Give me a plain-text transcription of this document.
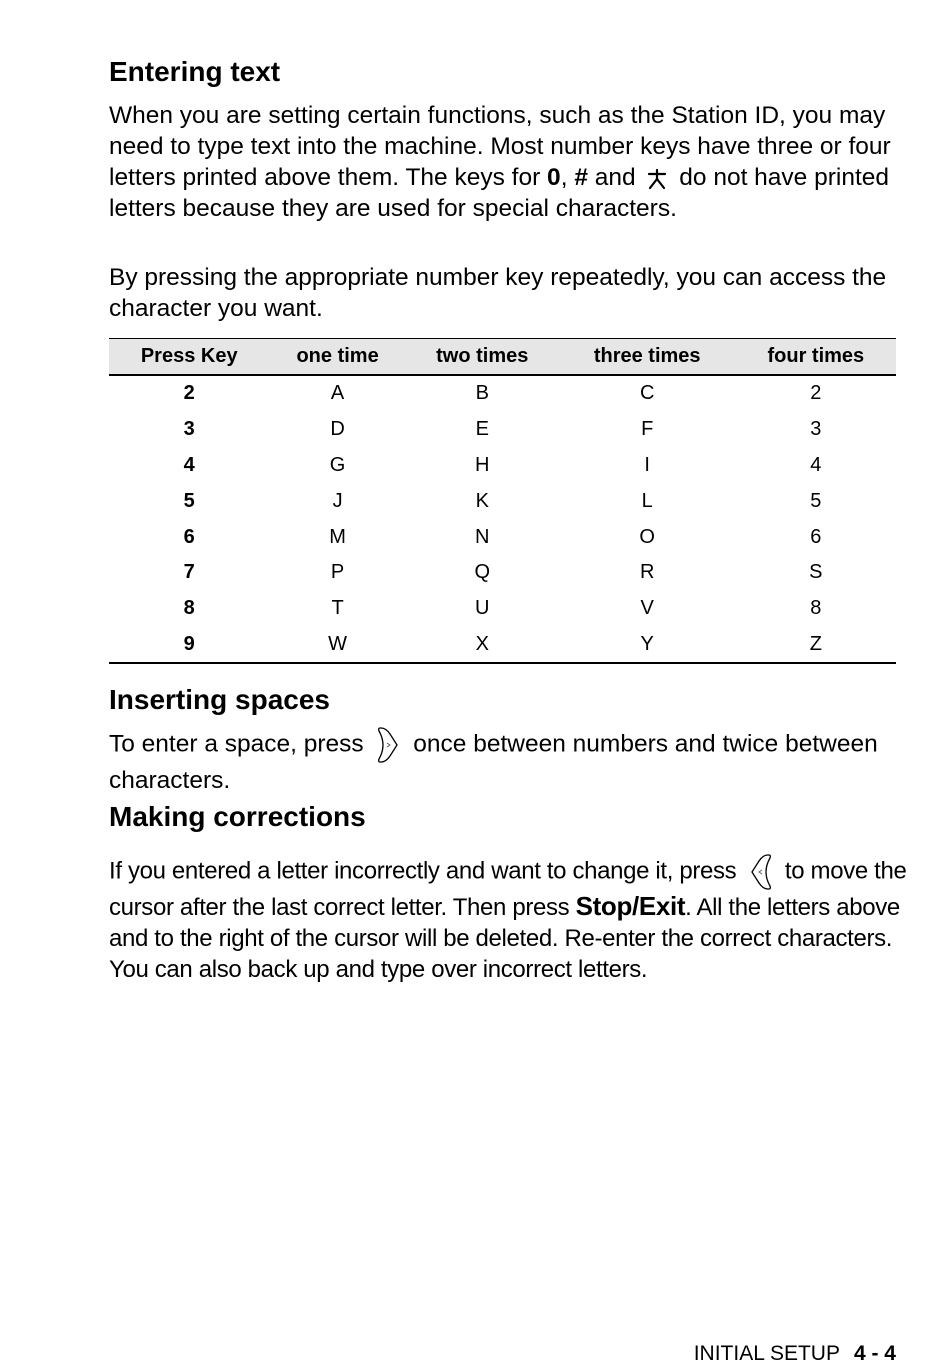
Entering text

When you are setting certain functions, such as the Station ID, you may need to type text into the machine. Most number keys have three or four letters printed above them. The keys for 0, # and
do not have printed letters because they are used for special characters.

By pressing the appropriate number key repeatedly, you can access the character you want.

Press Key	one time	two times	three times	four times
2	A	B	C	2
3	D	E	F	3
4	G	H	I	4
5	J	K	L	5
6	M	N	O	6
7	P	Q	R	S
8	T	U	V	8
9	W	X	Y	Z
Inserting spaces

To enter a space, press
once between numbers and twice between characters.

Making corrections

If you entered a letter incorrectly and want to change it, press
to move the cursor after the last correct letter. Then press Stop/Exit. All the letters above and to the right of the cursor will be deleted. Re-enter the correct characters. You can also back up and type over incorrect letters.

INITIAL SETUP 4 - 4
